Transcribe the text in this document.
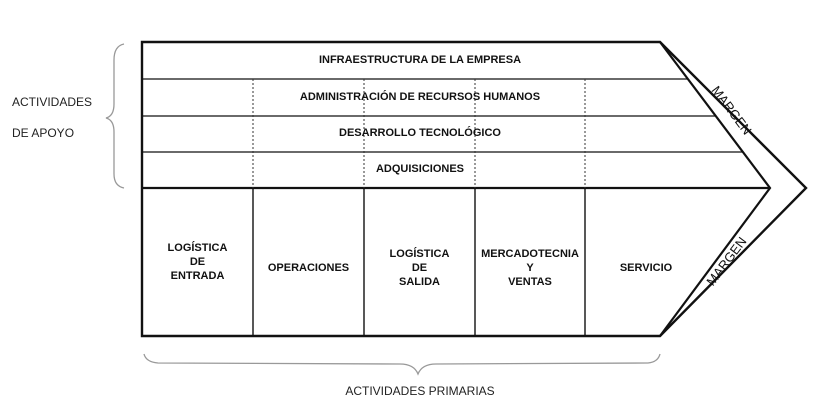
MARGEN
MARGEN
ACTIVIDADES
DE APOYO
INFRAESTRUCTURA DE LA EMPRESA
ADMINISTRACIÓN DE RECURSOS HUMANOS
DESARROLLO TECNOLÓGICO
ADQUISICIONES
LOGÍSTICA
DE
ENTRADA
OPERACIONES
LOGÍSTICA
DE
SALIDA
MERCADOTECNIA
Y
VENTAS
SERVICIO
ACTIVIDADES PRIMARIAS
